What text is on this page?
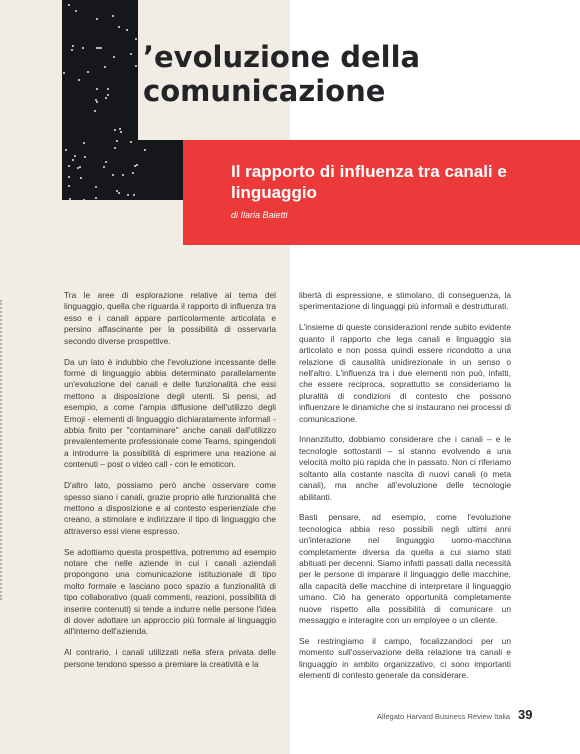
’evoluzione della comunicazione
Il rapporto di influenza tra canali e linguaggio
di Ilaria Baietti

Tra le aree di esplorazione relative al tema del linguaggio, quella che riguarda il rapporto di influenza tra esso e i canali appare particolarmente articolata e persino affascinante per la possibilità di osservarla secondo diverse prospettive.

Da un lato è indubbio che l'evoluzione incessante delle forme di linguaggio abbia determinato parallelamente un'evoluzione dei canali e delle funzionalità che essi mettono a disposizione degli utenti. Si pensi, ad esempio, a come l'ampia diffusione dell'utilizzo degli Emoji - elementi di linguaggio dichiaratamente informali - abbia finito per "contaminare" anche canali dall'utilizzo prevalentemente professionale come Teams, spingendoli a introdurre la possibilità di esprimere una reazione ai contenuti – post o video call - con le emoticon.

D'altro lato, possiamo però anche osservare come spesso siano i canali, grazie proprio alle funzionalità che mettono a disposizione e al contesto esperienziale che creano, a stimolare e indirizzare il tipo di linguaggio che attraverso essi viene espresso.

Se adottiamo questa prospettiva, potremmo ad esempio notare che nelle aziende in cui i canali aziendali propongono una comunicazione istituzionale di tipo molto formale e lasciano poco spazio a funzionalità di tipo collaborativo (quali commenti, reazioni, possibilità di inserire contenuti) si tende a indurre nelle persone l'idea di dover adottare un approccio più formale al linguaggio all'interno dell'azienda.

Al contrario, i canali utilizzati nella sfera privata delle persone tendono spesso a premiare la creatività e la

libertà di espressione, e stimolano, di conseguenza, la sperimentazione di linguaggi più informali e destrutturati.

L'insieme di queste considerazioni rende subito evidente quanto il rapporto che lega canali e linguaggio sia articolato e non possa quindi essere ricondotto a una relazione di causalità unidirezionale in un senso o nell'altro. L'influenza tra i due elementi non può, infatti, che essere reciproca, soprattutto se consideriamo la pluralità di condizioni di contesto che possono influenzare le dinamiche che si instaurano nei processi di comunicazione.

Innanzitutto, dobbiamo considerare che i canali – e le tecnologie sottostanti – si stanno evolvendo a una velocità molto più rapida che in passato. Non ci riferiamo soltanto alla costante nascita di nuovi canali (o meta canali), ma anche all'evoluzione delle tecnologie abilitanti.

Basti pensare, ad esempio, come l'evoluzione tecnologica abbia reso possibili negli ultimi anni un'interazione nel linguaggio uomo-macchina completamente diversa da quella a cui siamo stati abituati per decenni. Siamo infatti passati dalla necessità per le persone di imparare il linguaggio delle macchine, alla capacità delle macchine di interpretare il linguaggio umano. Ciò ha generato opportunità completamente nuove rispetto alla possibilità di comunicare un messaggio e interagire con un employee o un cliente.

Se restringiamo il campo, focalizzandoci per un momento sull'osservazione della relazione tra canali e linguaggio in ambito organizzativo, ci sono importanti elementi di contesto generale da considerare.

Allegato Harvard Business Review Italia 39
